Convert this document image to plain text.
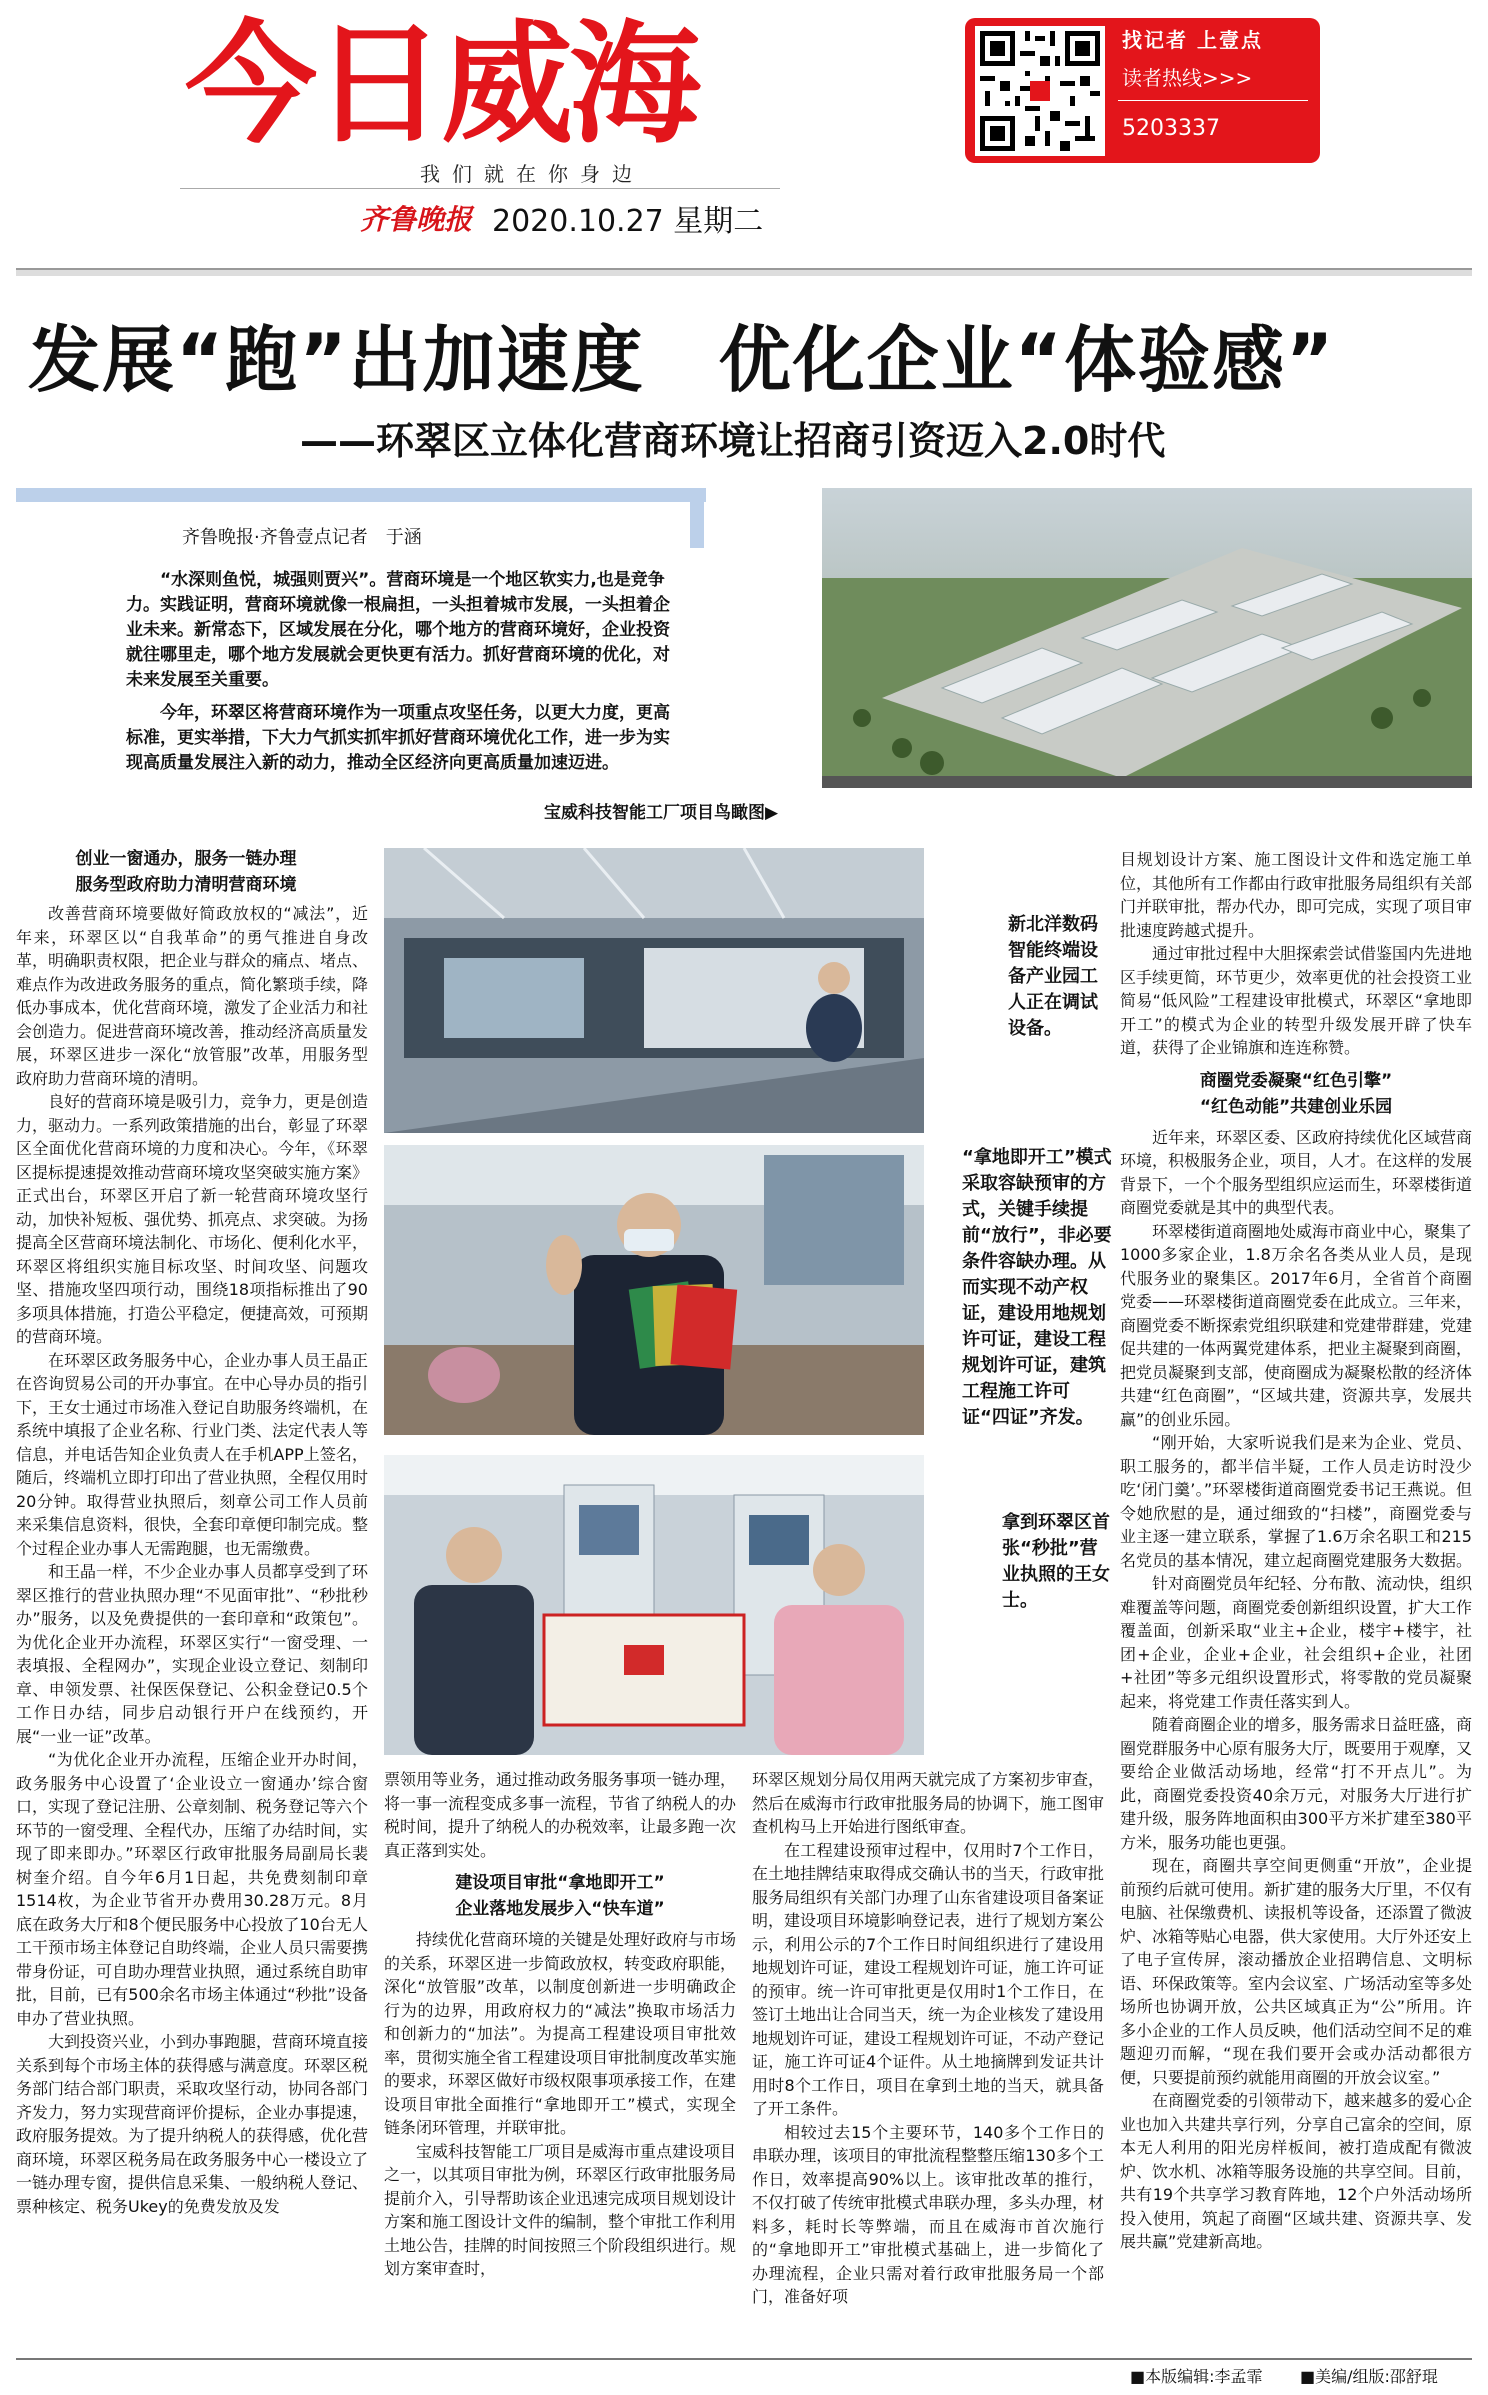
今日威海
我们就在你身边
齐鲁晚报 2020.10.27 星期二
找记者 上壹点
读者热线>>>
5203337
发展“跑”出加速度　优化企业“体验感”
——环翠区立体化营商环境让招商引资迈入2.0时代
齐鲁晚报·齐鲁壹点记者　于涵

“水深则鱼悦，城强则贾兴”。营商环境是一个地区软实力,也是竞争力。实践证明，营商环境就像一根扁担，一头担着城市发展，一头担着企业未来。新常态下，区域发展在分化，哪个地方的营商环境好，企业投资就往哪里走，哪个地方发展就会更快更有活力。抓好营商环境的优化，对未来发展至关重要。

今年，环翠区将营商环境作为一项重点攻坚任务，以更大力度，更高标准，更实举措，下大力气抓实抓牢抓好营商环境优化工作，进一步为实现高质量发展注入新的动力，推动全区经济向更高质量加速迈进。

宝威科技智能工厂项目鸟瞰图▶
创业一窗通办，服务一链办理
服务型政府助力清明营商环境

改善营商环境要做好简政放权的“减法”，近年来，环翠区以“自我革命”的勇气推进自身改革，明确职责权限，把企业与群众的痛点、堵点、难点作为改进政务服务的重点，简化繁琐手续，降低办事成本，优化营商环境，激发了企业活力和社会创造力。促进营商环境改善，推动经济高质量发展，环翠区进步一深化“放管服”改革，用服务型政府助力营商环境的清明。

良好的营商环境是吸引力，竞争力，更是创造力，驱动力。一系列政策措施的出台，彰显了环翠区全面优化营商环境的力度和决心。今年，《环翠区提标提速提效推动营商环境攻坚突破实施方案》正式出台，环翠区开启了新一轮营商环境攻坚行动，加快补短板、强优势、抓亮点、求突破。为扬提高全区营商环境法制化、市场化、便利化水平，环翠区将组织实施目标攻坚、时间攻坚、问题攻坚、措施攻坚四项行动，围绕18项指标推出了90多项具体措施，打造公平稳定，便捷高效，可预期的营商环境。

在环翠区政务服务中心，企业办事人员王晶正在咨询贸易公司的开办事宜。在中心导办员的指引下，王女士通过市场准入登记自助服务终端机，在系统中填报了企业名称、行业门类、法定代表人等信息，并电话告知企业负责人在手机APP上签名，随后，终端机立即打印出了营业执照，全程仅用时20分钟。取得营业执照后，刻章公司工作人员前来采集信息资料，很快，全套印章便印制完成。整个过程企业办事人无需跑腿，也无需缴费。

和王晶一样，不少企业办事人员都享受到了环翠区推行的营业执照办理“不见面审批”、“秒批秒办”服务，以及免费提供的一套印章和“政策包”。为优化企业开办流程，环翠区实行“一窗受理、一表填报、全程网办”，实现企业设立登记、刻制印章、申领发票、社保医保登记、公积金登记0.5个工作日办结，同步启动银行开户在线预约，开展“一业一证”改革。

“为优化企业开办流程，压缩企业开办时间，政务服务中心设置了‘企业设立一窗通办’综合窗口，实现了登记注册、公章刻制、税务登记等六个环节的一窗受理、全程代办，压缩了办结时间，实现了即来即办。”环翠区行政审批服务局副局长裴树奎介绍。自今年6月1日起，共免费刻制印章1514枚，为企业节省开办费用30.28万元。8月底在政务大厅和8个便民服务中心投放了10台无人工干预市场主体登记自助终端，企业人员只需要携带身份证，可自助办理营业执照，通过系统自助审批，目前，已有500余名市场主体通过“秒批”设备申办了营业执照。

大到投资兴业，小到办事跑腿，营商环境直接关系到每个市场主体的获得感与满意度。环翠区税务部门结合部门职责，采取攻坚行动，协同各部门齐发力，努力实现营商评价提标，企业办事提速，政府服务提效。为了提升纳税人的获得感，优化营商环境，环翠区税务局在政务服务中心一楼设立了一链办理专窗，提供信息采集、一般纳税人登记、票种核定、税务Ukey的免费发放及发

新北洋数码智能终端设备产业园工人正在调试设备。
“拿地即开工”模式采取容缺预审的方式，关键手续提前“放行”，非必要条件容缺办理。从而实现不动产权证，建设用地规划许可证，建设工程规划许可证，建筑工程施工许可证“四证”齐发。
拿到环翠区首张“秒批”营业执照的王女士。

票领用等业务，通过推动政务服务事项一链办理，将一事一流程变成多事一流程，节省了纳税人的办税时间，提升了纳税人的办税效率，让最多跑一次真正落到实处。

建设项目审批“拿地即开工”
企业落地发展步入“快车道”

持续优化营商环境的关键是处理好政府与市场的关系，环翠区进一步简政放权，转变政府职能，深化“放管服”改革，以制度创新进一步明确政企行为的边界，用政府权力的“减法”换取市场活力和创新力的“加法”。为提高工程建设项目审批效率，贯彻实施全省工程建设项目审批制度改革实施的要求，环翠区做好市级权限事项承接工作，在建设项目审批全面推行“拿地即开工”模式，实现全链条闭环管理，并联审批。

宝威科技智能工厂项目是威海市重点建设项目之一，以其项目审批为例，环翠区行政审批服务局提前介入，引导帮助该企业迅速完成项目规划设计方案和施工图设计文件的编制，整个审批工作利用土地公告，挂牌的时间按照三个阶段组织进行。规划方案审查时，

环翠区规划分局仅用两天就完成了方案初步审查，然后在威海市行政审批服务局的协调下，施工图审查机构马上开始进行图纸审查。

在工程建设预审过程中，仅用时7个工作日，在土地挂牌结束取得成交确认书的当天，行政审批服务局组织有关部门办理了山东省建设项目备案证明，建设项目环境影响登记表，进行了规划方案公示，利用公示的7个工作日时间组织进行了建设用地规划许可证，建设工程规划许可证，施工许可证的预审。统一许可审批更是仅用时1个工作日，在签订土地出让合同当天，统一为企业核发了建设用地规划许可证，建设工程规划许可证，不动产登记证，施工许可证4个证件。从土地摘牌到发证共计用时8个工作日，项目在拿到土地的当天，就具备了开工条件。

相较过去15个主要环节，140多个工作日的串联办理，该项目的审批流程整整压缩130多个工作日，效率提高90%以上。该审批改革的推行，不仅打破了传统审批模式串联办理，多头办理，材料多，耗时长等弊端，而且在威海市首次施行的“拿地即开工”审批模式基础上，进一步简化了办理流程，企业只需对着行政审批服务局一个部门，准备好项

目规划设计方案、施工图设计文件和选定施工单位，其他所有工作都由行政审批服务局组织有关部门并联审批，帮办代办，即可完成，实现了项目审批速度跨越式提升。

通过审批过程中大胆探索尝试借鉴国内先进地区手续更简，环节更少，效率更优的社会投资工业简易“低风险”工程建设审批模式，环翠区“拿地即开工”的模式为企业的转型升级发展开辟了快车道，获得了企业锦旗和连连称赞。

商圈党委凝聚“红色引擎”
“红色动能”共建创业乐园

近年来，环翠区委、区政府持续优化区域营商环境，积极服务企业，项目，人才。在这样的发展背景下，一个个服务型组织应运而生，环翠楼街道商圈党委就是其中的典型代表。

环翠楼街道商圈地处威海市商业中心，聚集了1000多家企业，1.8万余名各类从业人员，是现代服务业的聚集区。2017年6月，全省首个商圈党委——环翠楼街道商圈党委在此成立。三年来，商圈党委不断探索党组织联建和党建带群建，党建促共建的一体两翼党建体系，把业主凝聚到商圈，把党员凝聚到支部，使商圈成为凝聚松散的经济体共建“红色商圈”，“区域共建，资源共享，发展共赢”的创业乐园。

“刚开始，大家听说我们是来为企业、党员、职工服务的，都半信半疑，工作人员走访时没少吃‘闭门羹’。”环翠楼街道商圈党委书记王燕说。但令她欣慰的是，通过细致的“扫楼”，商圈党委与业主逐一建立联系，掌握了1.6万余名职工和215名党员的基本情况，建立起商圈党建服务大数据。

针对商圈党员年纪轻、分布散、流动快，组织难覆盖等问题，商圈党委创新组织设置，扩大工作覆盖面，创新采取“业主+企业，楼宇+楼宇，社团+企业，企业+企业，社会组织+企业，社团+社团”等多元组织设置形式，将零散的党员凝聚起来，将党建工作责任落实到人。

随着商圈企业的增多，服务需求日益旺盛，商圈党群服务中心原有服务大厅，既要用于观摩，又要给企业做活动场地，经常“打不开点儿”。为此，商圈党委投资40余万元，对服务大厅进行扩建升级，服务阵地面积由300平方米扩建至380平方米，服务功能也更强。

现在，商圈共享空间更侧重“开放”，企业提前预约后就可使用。新扩建的服务大厅里，不仅有电脑、社保缴费机、读报机等设备，还添置了微波炉、冰箱等贴心电器，供大家使用。大厅外还安上了电子宣传屏，滚动播放企业招聘信息、文明标语、环保政策等。室内会议室、广场活动室等多处场所也协调开放，公共区域真正为“公”所用。许多小企业的工作人员反映，他们活动空间不足的难题迎刃而解，“现在我们要开会或办活动都很方便，只要提前预约就能用商圈的开放会议室。”

在商圈党委的引领带动下，越来越多的爱心企业也加入共建共享行列，分享自己富余的空间，原本无人利用的阳光房样板间，被打造成配有微波炉、饮水机、冰箱等服务设施的共享空间。目前，共有19个共享学习教育阵地，12个户外活动场所投入使用，筑起了商圈“区域共建、资源共享、发展共赢”党建新高地。

■本版编辑:李孟霏 ■美编/组版:邵舒琨
